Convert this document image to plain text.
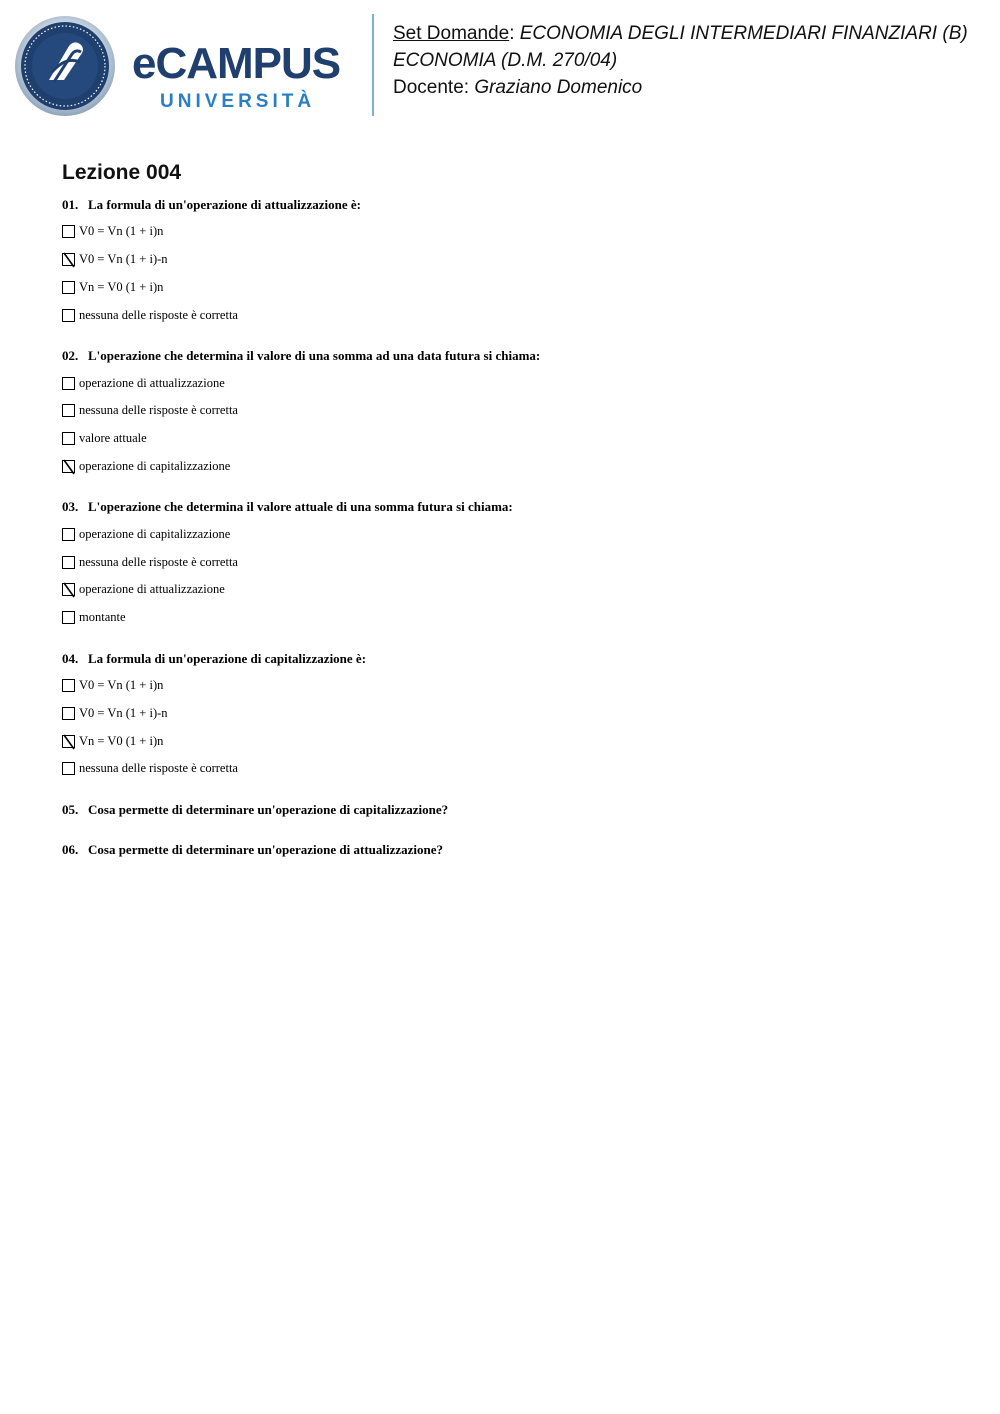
eCAMPUS
UNIVERSITÀ
Set Domande: ECONOMIA DEGLI INTERMEDIARI FINANZIARI (B)
ECONOMIA (D.M. 270/04)
Docente: Graziano Domenico
Lezione 004
01. La formula di un'operazione di attualizzazione è:
V0 = Vn (1 + i)n
V0 = Vn (1 + i)-n
Vn = V0 (1 + i)n
nessuna delle risposte è corretta
02. L'operazione che determina il valore di una somma ad una data futura si chiama:
operazione di attualizzazione
nessuna delle risposte è corretta
valore attuale
operazione di capitalizzazione
03. L'operazione che determina il valore attuale di una somma futura si chiama:
operazione di capitalizzazione
nessuna delle risposte è corretta
operazione di attualizzazione
montante
04. La formula di un'operazione di capitalizzazione è:
V0 = Vn (1 + i)n
V0 = Vn (1 + i)-n
Vn = V0 (1 + i)n
nessuna delle risposte è corretta
05. Cosa permette di determinare un'operazione di capitalizzazione?
06. Cosa permette di determinare un'operazione di attualizzazione?
